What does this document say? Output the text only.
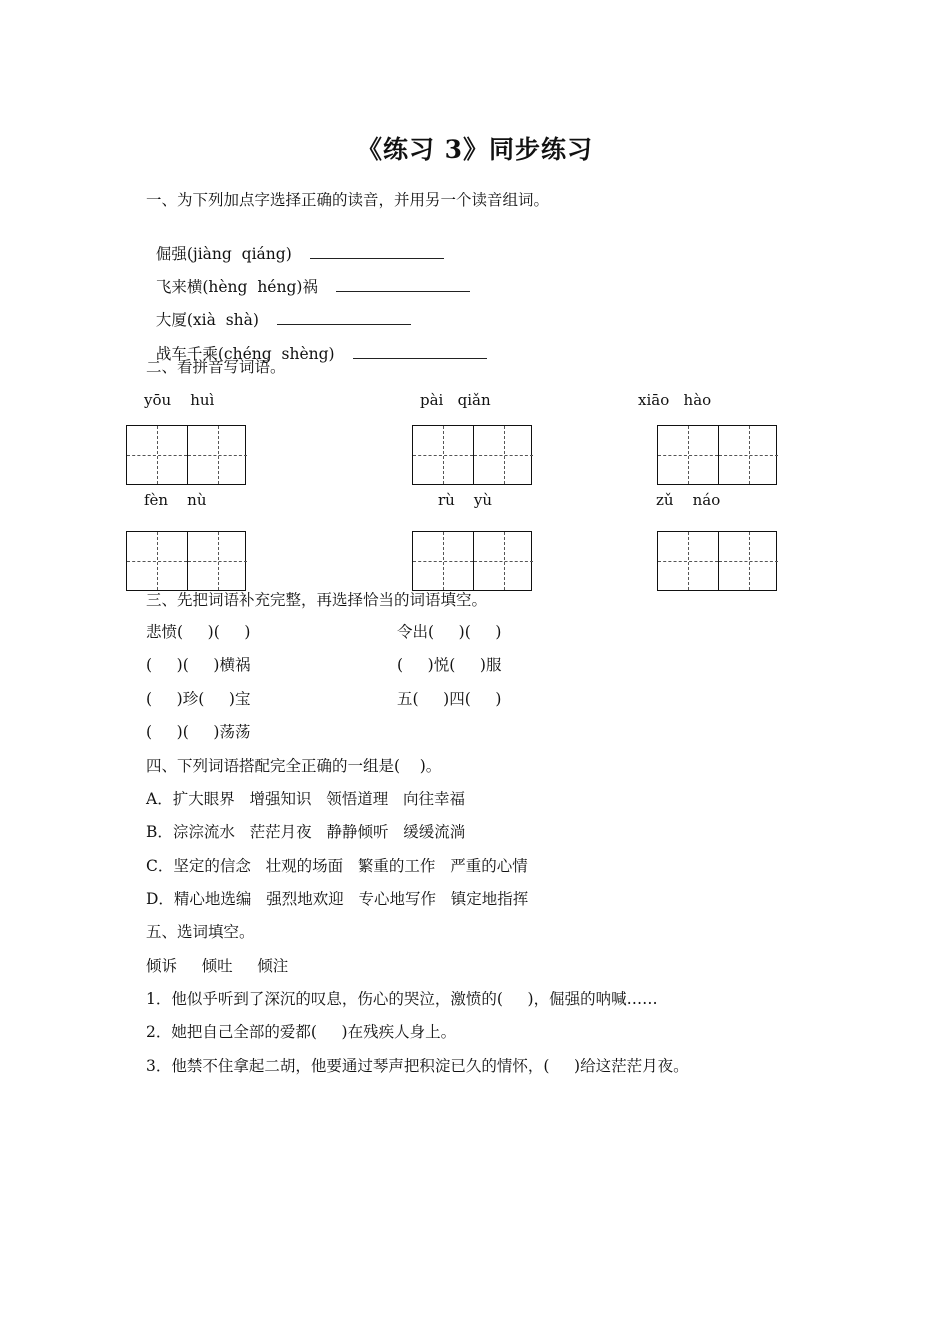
《练习 3》同步练习
一、为下列加点字选择正确的读音，并用另一个读音组词。

倔强(jiàng  qiáng)

飞来横(hèng  héng)祸

大厦(xià  shà)

战车千乘(chéng  shèng)

二、看拼音写词语。
yōu    huì	pài   qiǎn	xiāo   hào
fèn    nù	rù    yù	zǔ    náo
三、先把词语补充完整，再选择恰当的词语填空。
悲愤(     )(     )
(     )(     )横祸
(     )珍(     )宝
(     )(     )荡荡
令出(     )(     )
(     )悦(     )服
五(     )四(     )
四、下列词语搭配完全正确的一组是(    )。
A．扩大眼界   增强知识   领悟道理   向往幸福
B．淙淙流水   茫茫月夜   静静倾听   缓缓流淌
C．坚定的信念   壮观的场面   繁重的工作   严重的心情
D．精心地选编   强烈地欢迎   专心地写作   镇定地指挥
五、选词填空。
倾诉     倾吐     倾注
1．他似乎听到了深沉的叹息，伤心的哭泣，激愤的(     )，倔强的呐喊……
2．她把自己全部的爱都(     )在残疾人身上。
3．他禁不住拿起二胡，他要通过琴声把积淀已久的情怀，(     )给这茫茫月夜。
